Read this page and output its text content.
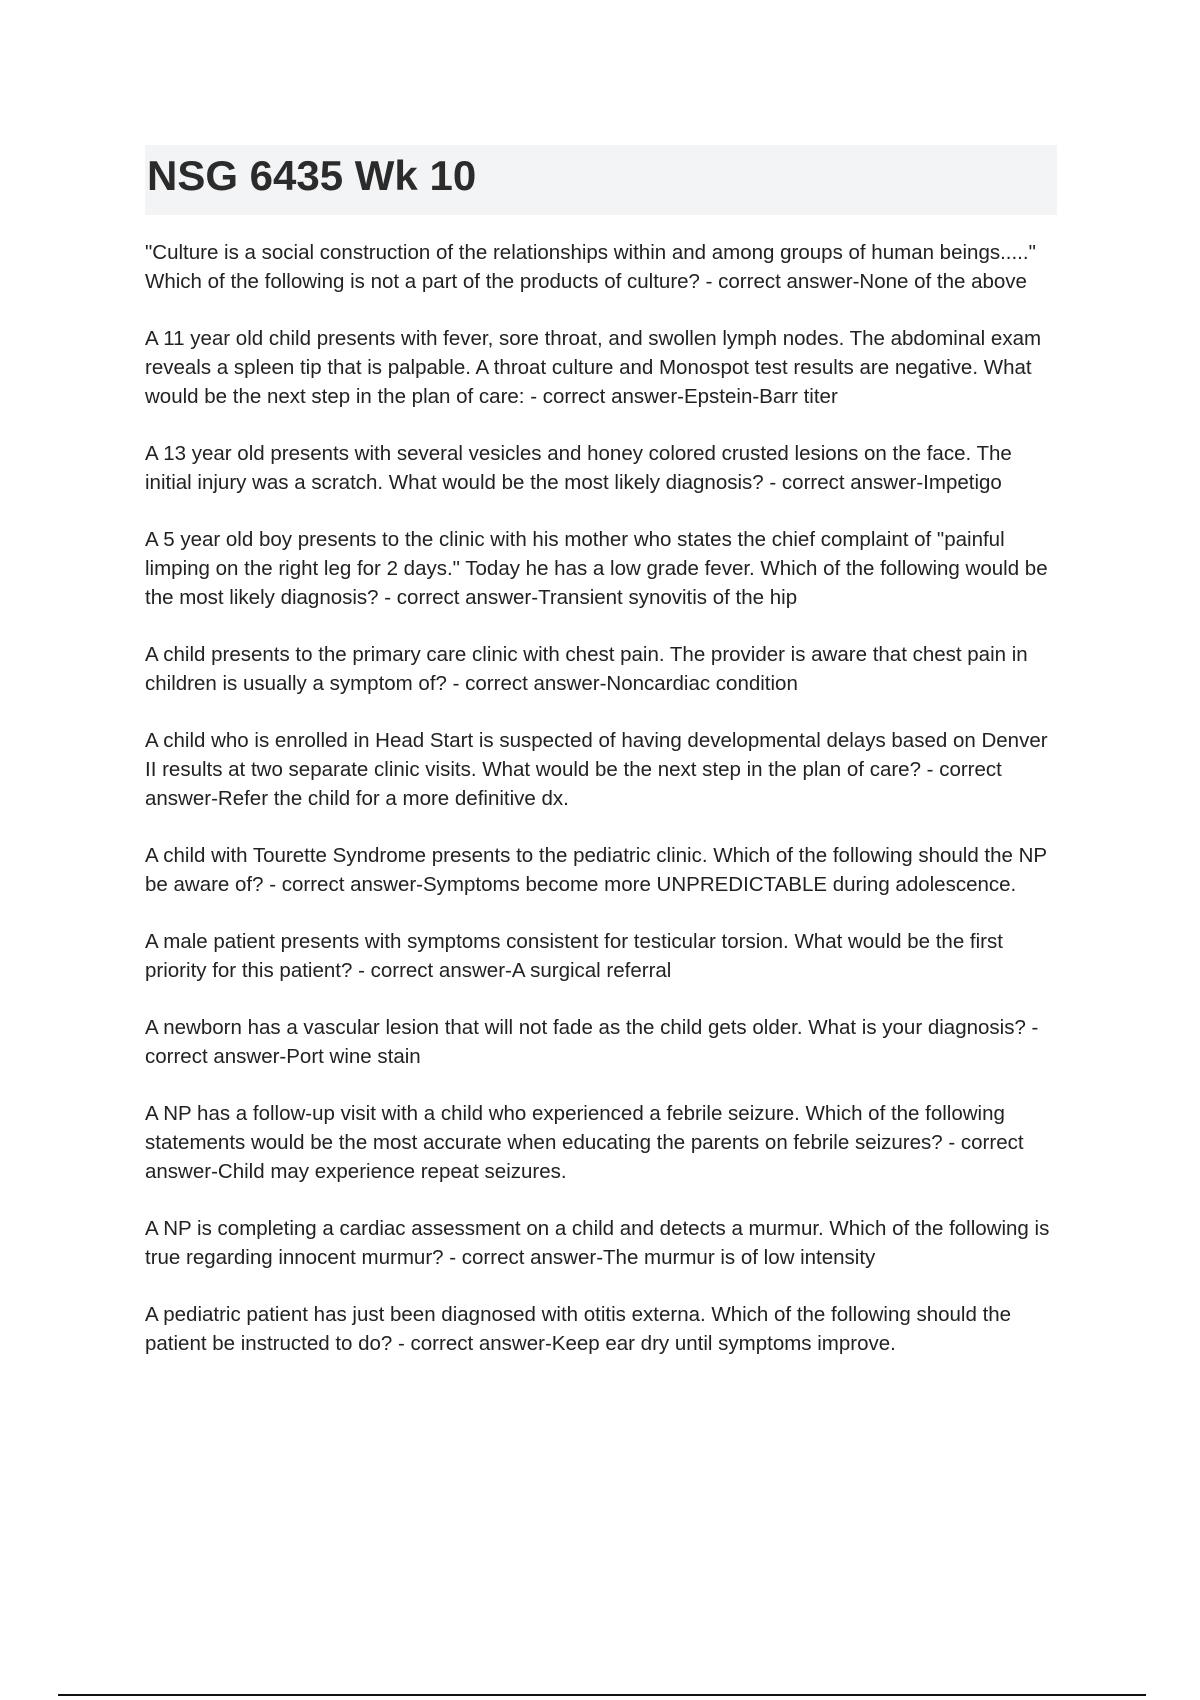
NSG 6435 Wk 10

"Culture is a social construction of the relationships within and among groups of human beings....." Which of the following is not a part of the products of culture? - correct answer-None of the above

A 11 year old child presents with fever, sore throat, and swollen lymph nodes. The abdominal exam reveals a spleen tip that is palpable. A throat culture and Monospot test results are negative. What would be the next step in the plan of care: - correct answer-Epstein-Barr titer

A 13 year old presents with several vesicles and honey colored crusted lesions on the face. The initial injury was a scratch. What would be the most likely diagnosis? - correct answer-Impetigo

A 5 year old boy presents to the clinic with his mother who states the chief complaint of "painful limping on the right leg for 2 days." Today he has a low grade fever. Which of the following would be the most likely diagnosis? - correct answer-Transient synovitis of the hip

A child presents to the primary care clinic with chest pain. The provider is aware that chest pain in children is usually a symptom of? - correct answer-Noncardiac condition

A child who is enrolled in Head Start is suspected of having developmental delays based on Denver II results at two separate clinic visits. What would be the next step in the plan of care? - correct answer-Refer the child for a more definitive dx.

A child with Tourette Syndrome presents to the pediatric clinic. Which of the following should the NP be aware of? - correct answer-Symptoms become more UNPREDICTABLE during adolescence.

A male patient presents with symptoms consistent for testicular torsion. What would be the first priority for this patient? - correct answer-A surgical referral

A newborn has a vascular lesion that will not fade as the child gets older. What is your diagnosis? - correct answer-Port wine stain

A NP has a follow-up visit with a child who experienced a febrile seizure. Which of the following statements would be the most accurate when educating the parents on febrile seizures? - correct answer-Child may experience repeat seizures.

A NP is completing a cardiac assessment on a child and detects a murmur. Which of the following is true regarding innocent murmur? - correct answer-The murmur is of low intensity

A pediatric patient has just been diagnosed with otitis externa. Which of the following should the patient be instructed to do? - correct answer-Keep ear dry until symptoms improve.
